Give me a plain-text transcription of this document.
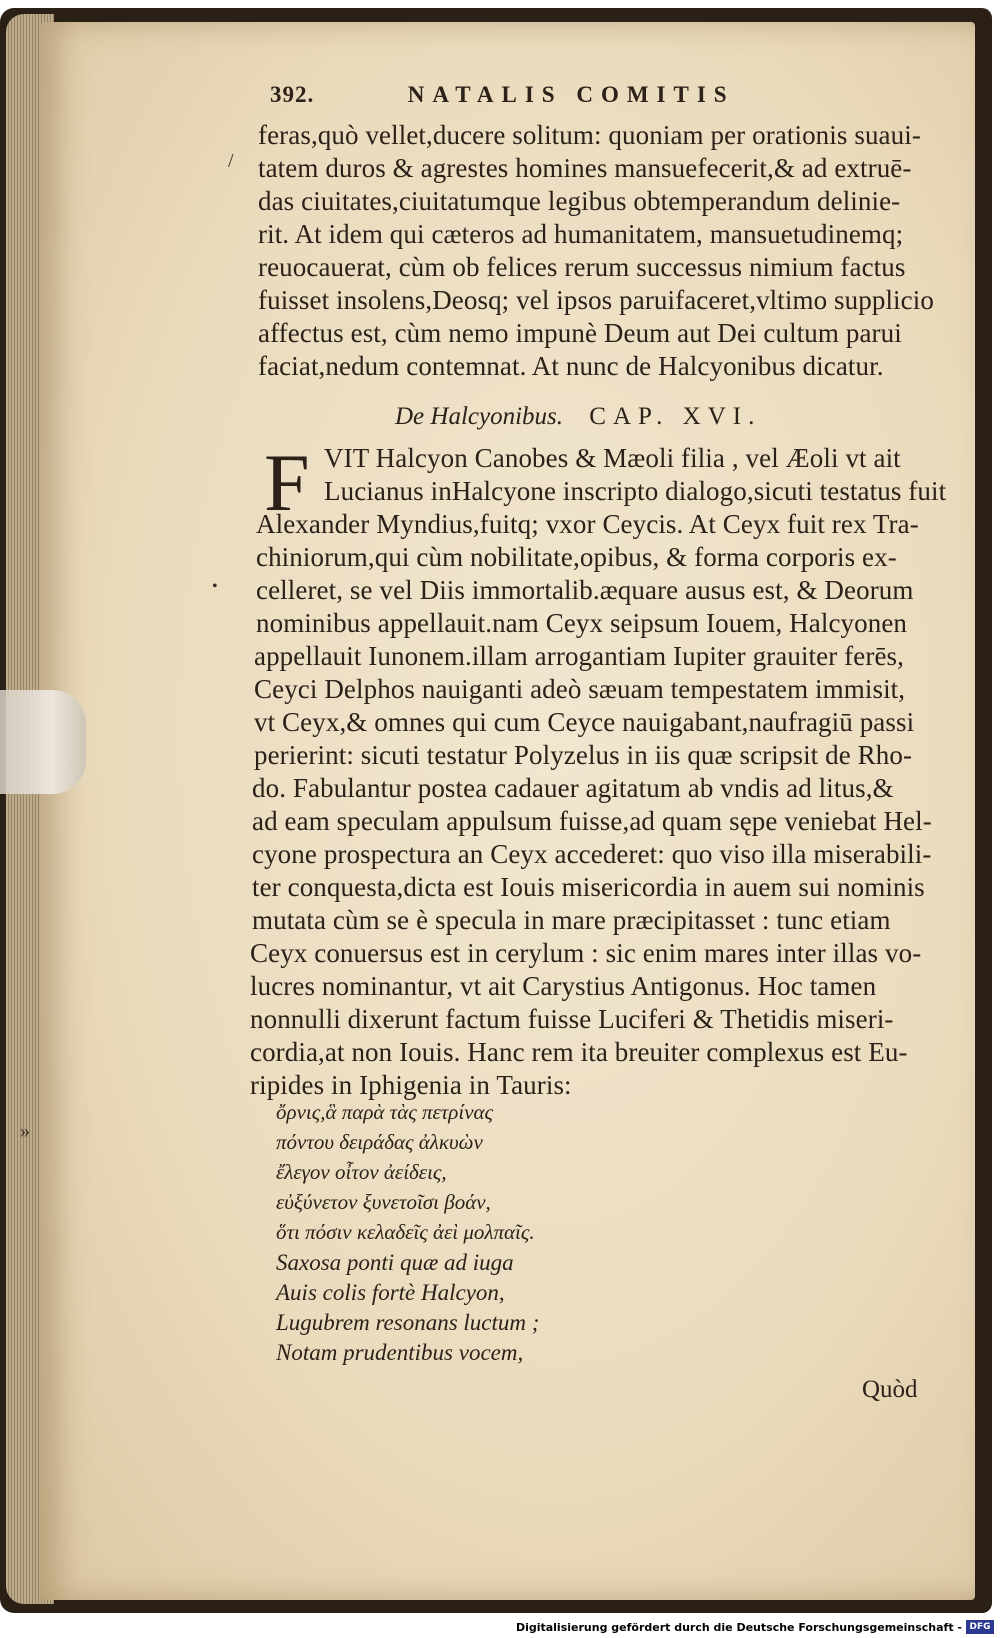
392.	NATALIS COMITIS
feras,quò vellet,ducere solitum: quoniam per orationis suaui-
tatem duros & agrestes homines mansuefecerit,& ad extruē-
das ciuitates,ciuitatumque legibus obtemperandum delinie-
rit. At idem qui cæteros ad humanitatem, mansuetudinemq;
reuocauerat, cùm ob felices rerum successus nimium factus
fuisset insolens,Deosq; vel ipsos paruifaceret,vltimo supplicio
affectus est, cùm nemo impunè Deum aut Dei cultum parui
faciat,nedum contemnat. At nunc de Halcyonibus dicatur.
De Halcyonibus. CAP. XVI.
F VIT Halcyon Canobes & Mæoli filia , vel Æoli vt ait
Lucianus inHalcyone inscripto dialogo,sicuti testatus fuit
Alexander Myndius,fuitq; vxor Ceycis. At Ceyx fuit rex Tra-
chiniorum,qui cùm nobilitate,opibus, & forma corporis ex-
celleret, se vel Diis immortalib.æquare ausus est, & Deorum
nominibus appellauit.nam Ceyx seipsum Iouem, Halcyonen
appellauit Iunonem.illam arrogantiam Iupiter grauiter ferēs,
Ceyci Delphos nauiganti adeò sæuam tempestatem immisit,
vt Ceyx,& omnes qui cum Ceyce nauigabant,naufragiū passi
perierint: sicuti testatur Polyzelus in iis quæ scripsit de Rho-
do. Fabulantur postea cadauer agitatum ab vndis ad litus,&
ad eam speculam appulsum fuisse,ad quam sępe veniebat Hel-
cyone prospectura an Ceyx accederet: quo viso illa miserabili-
ter conquesta,dicta est Iouis misericordia in auem sui nominis
mutata cùm se è specula in mare præcipitasset : tunc etiam
Ceyx conuersus est in cerylum : sic enim mares inter illas vo-
lucres nominantur, vt ait Carystius Antigonus. Hoc tamen
nonnulli dixerunt factum fuisse Luciferi & Thetidis miseri-
cordia,at non Iouis. Hanc rem ita breuiter complexus est Eu-
ripides in Iphigenia in Tauris:
ὄρνις,ἃ παρὰ τὰς πετρίνας
πόντου δειράδας ἀλκυὼν
ἔλεγον οἶτον ἀείδεις,
εὐξύνετον ξυνετοῖσι βοάν,
ὅτι πόσιν κελαδεῖς ἀεὶ μολπαῖς.
Saxosa ponti quæ ad iuga
Auis colis fortè Halcyon,
Lugubrem resonans luctum ;
Notam prudentibus vocem,
Quòd
/
•
»
Digitalisierung gefördert durch die Deutsche Forschungsgemeinschaft - DFG
